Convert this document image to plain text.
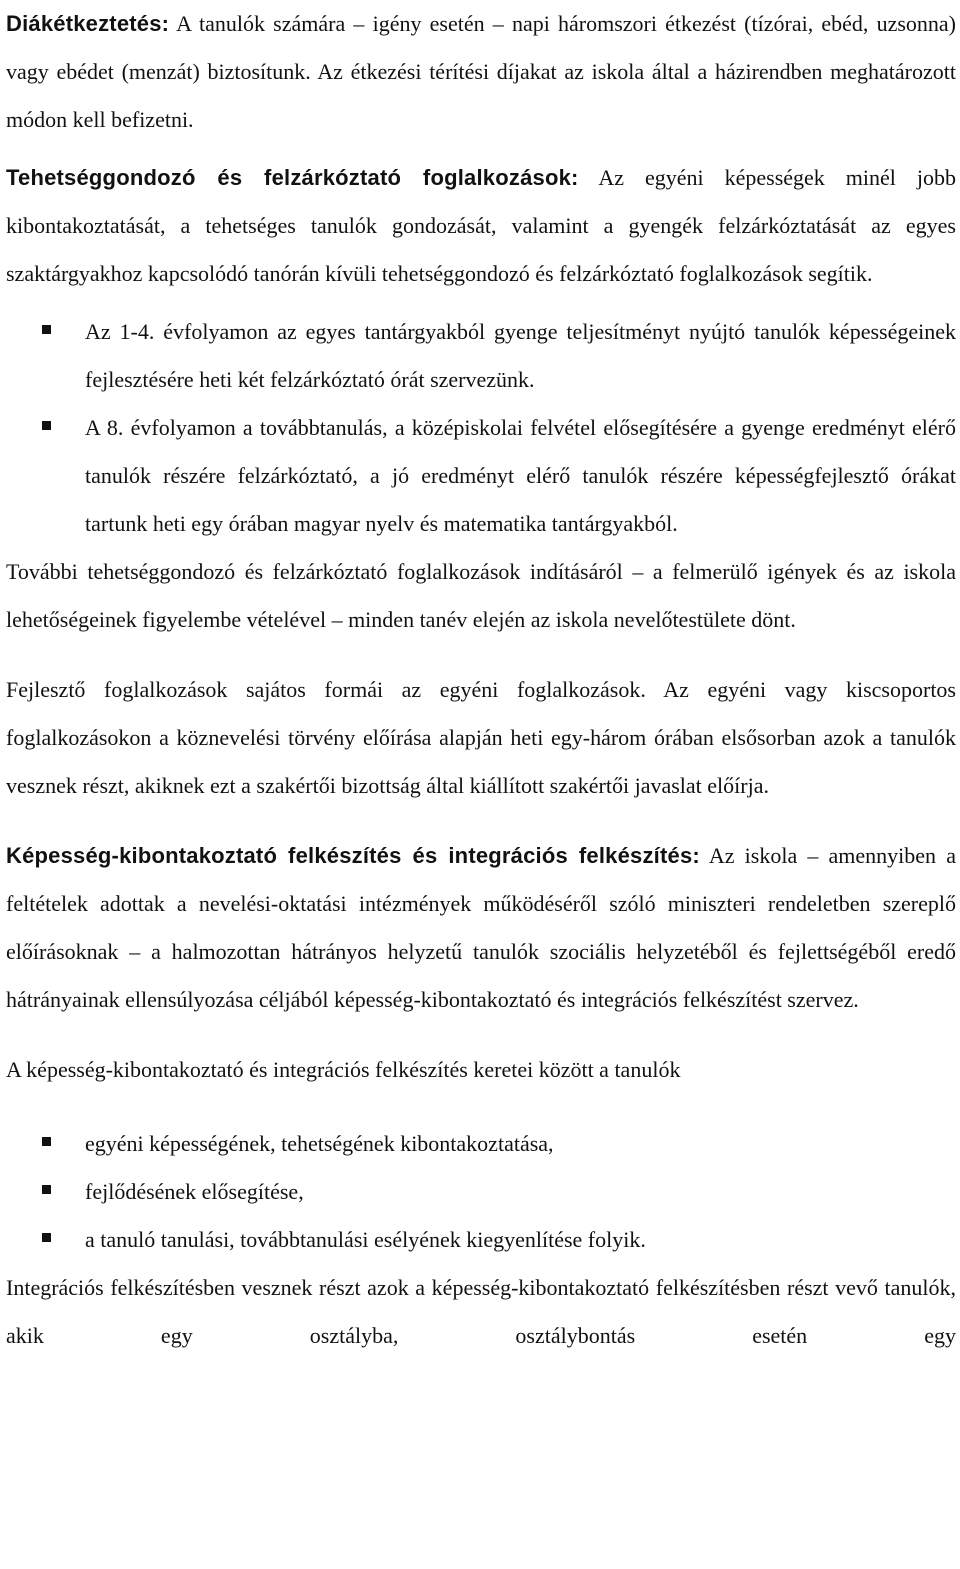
Diákétkeztetés: A tanulók számára – igény esetén – napi háromszori étkezést (tízórai, ebéd, uzsonna) vagy ebédet (menzát) biztosítunk. Az étkezési térítési díjakat az iskola által a házirendben meghatározott módon kell befizetni.

Tehetséggondozó és felzárkóztató foglalkozások: Az egyéni képességek minél jobb kibontakoztatását, a tehetséges tanulók gondozását, valamint a gyengék felzárkóztatását az egyes szaktárgyakhoz kapcsolódó tanórán kívüli tehetséggondozó és felzárkóztató foglalkozások segítik.

Az 1-4. évfolyamon az egyes tantárgyakból gyenge teljesítményt nyújtó tanulók képességeinek fejlesztésére heti két felzárkóztató órát szervezünk.
A 8. évfolyamon a továbbtanulás, a középiskolai felvétel elősegítésére a gyenge eredményt elérő tanulók részére felzárkóztató, a jó eredményt elérő tanulók részére képességfejlesztő órákat tartunk heti egy órában magyar nyelv és matematika tantárgyakból.

További tehetséggondozó és felzárkóztató foglalkozások indításáról – a felmerülő igények és az iskola lehetőségeinek figyelembe vételével – minden tanév elején az iskola nevelőtestülete dönt.

Fejlesztő foglalkozások sajátos formái az egyéni foglalkozások. Az egyéni vagy kiscsoportos foglalkozásokon a köznevelési törvény előírása alapján heti egy-három órában elsősorban azok a tanulók vesznek részt, akiknek ezt a szakértői bizottság által kiállított szakértői javaslat előírja.

Képesség-kibontakoztató felkészítés és integrációs felkészítés: Az iskola – amennyiben a feltételek adottak a nevelési-oktatási intézmények működéséről szóló miniszteri rendeletben szereplő előírásoknak – a halmozottan hátrányos helyzetű tanulók szociális helyzetéből és fejlettségéből eredő hátrányainak ellensúlyozása céljából képesség-kibontakoztató és integrációs felkészítést szervez.

A képesség-kibontakoztató és integrációs felkészítés keretei között a tanulók

egyéni képességének, tehetségének kibontakoztatása,
fejlődésének elősegítése,
a tanuló tanulási, továbbtanulási esélyének kiegyenlítése folyik.

Integrációs felkészítésben vesznek részt azok a képesség-kibontakoztató felkészítésben részt vevő tanulók, akik egy osztályba, osztálybontás esetén egy
